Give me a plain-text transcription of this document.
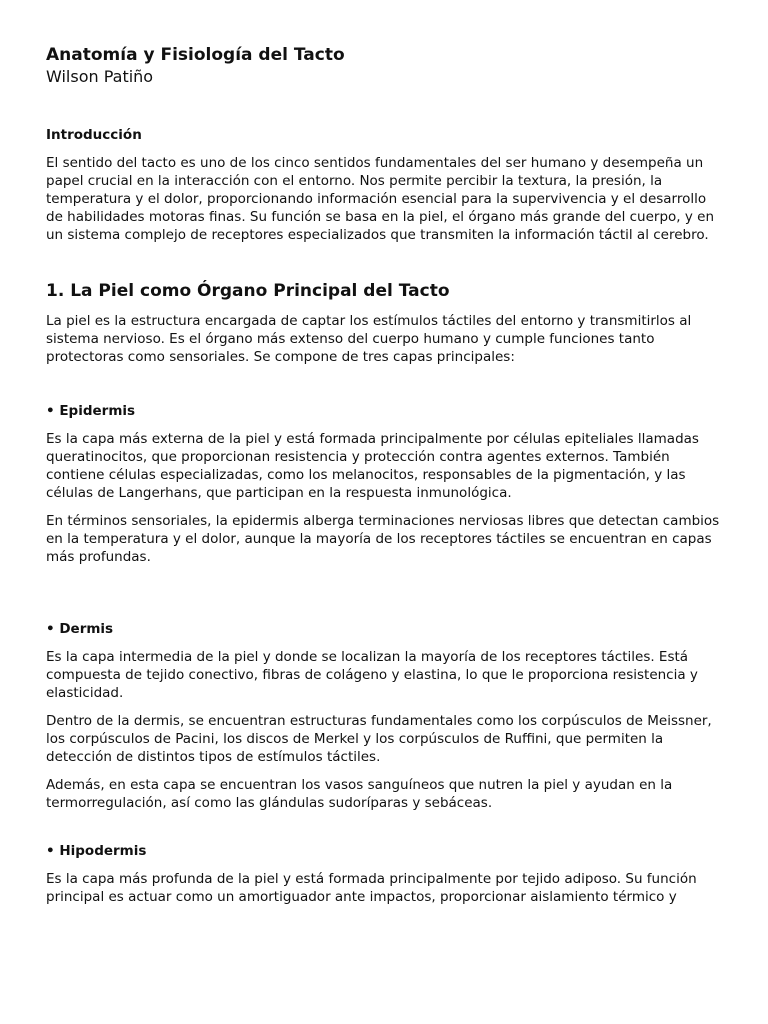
Anatomía y Fisiología del Tacto
Wilson Patiño
Introducción

El sentido del tacto es uno de los cinco sentidos fundamentales del ser humano y desempeña un papel crucial en la interacción con el entorno. Nos permite percibir la textura, la presión, la temperatura y el dolor, proporcionando información esencial para la supervivencia y el desarrollo de habilidades motoras finas. Su función se basa en la piel, el órgano más grande del cuerpo, y en un sistema complejo de receptores especializados que transmiten la información táctil al cerebro.

1. La Piel como Órgano Principal del Tacto

La piel es la estructura encargada de captar los estímulos táctiles del entorno y transmitirlos al sistema nervioso. Es el órgano más extenso del cuerpo humano y cumple funciones tanto protectoras como sensoriales. Se compone de tres capas principales:

• Epidermis

Es la capa más externa de la piel y está formada principalmente por células epiteliales llamadas queratinocitos, que proporcionan resistencia y protección contra agentes externos. También contiene células especializadas, como los melanocitos, responsables de la pigmentación, y las células de Langerhans, que participan en la respuesta inmunológica.

En términos sensoriales, la epidermis alberga terminaciones nerviosas libres que detectan cambios en la temperatura y el dolor, aunque la mayoría de los receptores táctiles se encuentran en capas más profundas.

• Dermis

Es la capa intermedia de la piel y donde se localizan la mayoría de los receptores táctiles. Está compuesta de tejido conectivo, fibras de colágeno y elastina, lo que le proporciona resistencia y elasticidad.

Dentro de la dermis, se encuentran estructuras fundamentales como los corpúsculos de Meissner, los corpúsculos de Pacini, los discos de Merkel y los corpúsculos de Ruffini, que permiten la detección de distintos tipos de estímulos táctiles.

Además, en esta capa se encuentran los vasos sanguíneos que nutren la piel y ayudan en la termorregulación, así como las glándulas sudoríparas y sebáceas.

• Hipodermis

Es la capa más profunda de la piel y está formada principalmente por tejido adiposo. Su función principal es actuar como un amortiguador ante impactos, proporcionar aislamiento térmico y
